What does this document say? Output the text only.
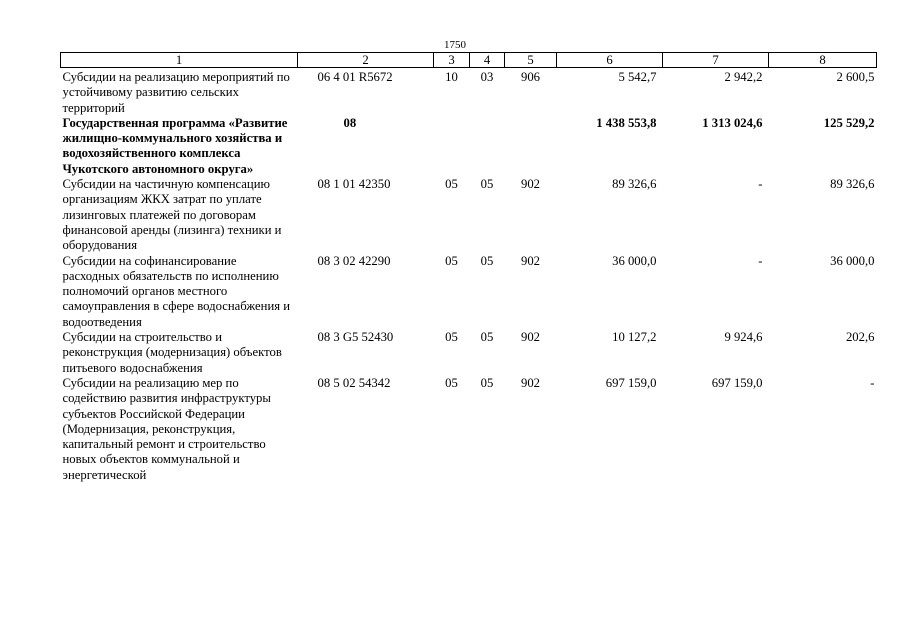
1750
1	2	3	4	5	6	7	8
Субсидии на реализацию мероприятий по устойчивому развитию сельских территорий	06 4 01 R5672	10	03	906	5 542,7	2 942,2	2 600,5
Государственная программа «Развитие жилищно-коммунального хозяйства и водохозяйственного комплекса Чукотского автономного округа»	08				1 438 553,8	1 313 024,6	125 529,2
Субсидии на частичную компенсацию организациям ЖКХ затрат по уплате лизинговых платежей по договорам финансовой аренды (лизинга) техники и оборудования	08 1 01 42350	05	05	902	89 326,6	-	89 326,6
Субсидии на софинансирование расходных обязательств по исполнению полномочий органов местного самоуправления в сфере водоснабжения и водоотведения	08 3 02 42290	05	05	902	36 000,0	-	36 000,0
Субсидии на строительство и реконструкция (модернизация) объектов питьевого водоснабжения	08 3 G5 52430	05	05	902	10 127,2	9 924,6	202,6
Субсидии на реализацию мер по содействию развития инфраструктуры субъектов Российской Федерации (Модернизация, реконструкция, капитальный ремонт и строительство новых объектов коммунальной и энергетической	08 5 02 54342	05	05	902	697 159,0	697 159,0	-
